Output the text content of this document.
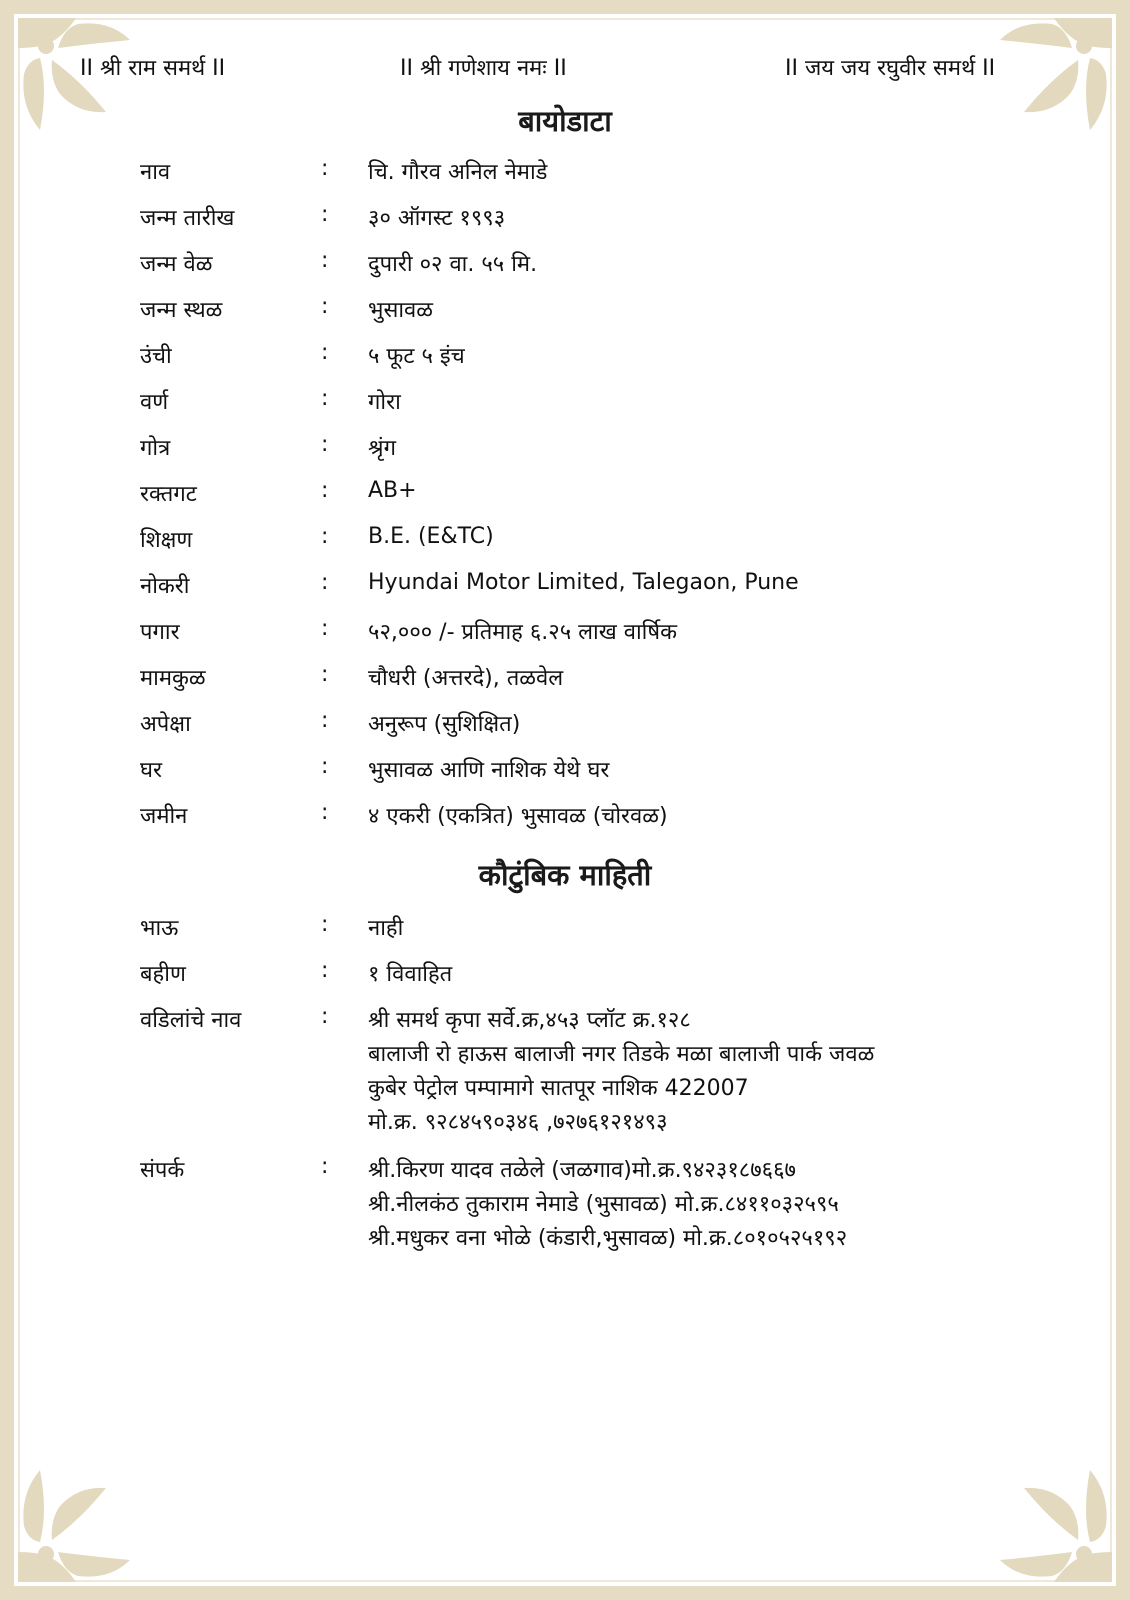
II श्री राम समर्थ II	II श्री गणेशाय नमः II	II जय जय रघुवीर समर्थ II
बायोडाटा
नाव	: चि. गौरव अनिल नेमाडे
जन्म तारीख	: ३० ऑगस्ट १९९३
जन्म वेळ	: दुपारी ०२ वा. ५५ मि.
जन्म स्थळ	: भुसावळ
उंची	: ५ फूट ५ इंच
वर्ण	: गोरा
गोत्र	: श्रृंग
रक्तगट	: AB+
शिक्षण	: B.E. (E&TC)
नोकरी	: Hyundai Motor Limited, Talegaon, Pune
पगार	: ५२,००० /- प्रतिमाह ६.२५ लाख वार्षिक
मामकुळ	: चौधरी (अत्तरदे), तळवेल
अपेक्षा	: अनुरूप (सुशिक्षित)
घर	: भुसावळ आणि नाशिक येथे घर
जमीन	: ४ एकरी (एकत्रित) भुसावळ (चोरवळ)
कौटुंबिक माहिती
भाऊ	: नाही
बहीण	: १ विवाहित
वडिलांचे नाव	: श्री समर्थ कृपा सर्वे.क्र,४५३ प्लॉट क्र.१२८
बालाजी रो हाऊस बालाजी नगर तिडके मळा बालाजी पार्क जवळ
कुबेर पेट्रोल पम्पामागे सातपूर नाशिक 422007
मो.क्र. ९२८४५९०३४६ ,७२७६१२१४९३
संपर्क	: श्री.किरण यादव तळेले (जळगाव)मो.क्र.९४२३१८७६६७
श्री.नीलकंठ तुकाराम नेमाडे (भुसावळ) मो.क्र.८४११०३२५९५
श्री.मधुकर वना भोळे (कंडारी,भुसावळ) मो.क्र.८०१०५२५१९२
